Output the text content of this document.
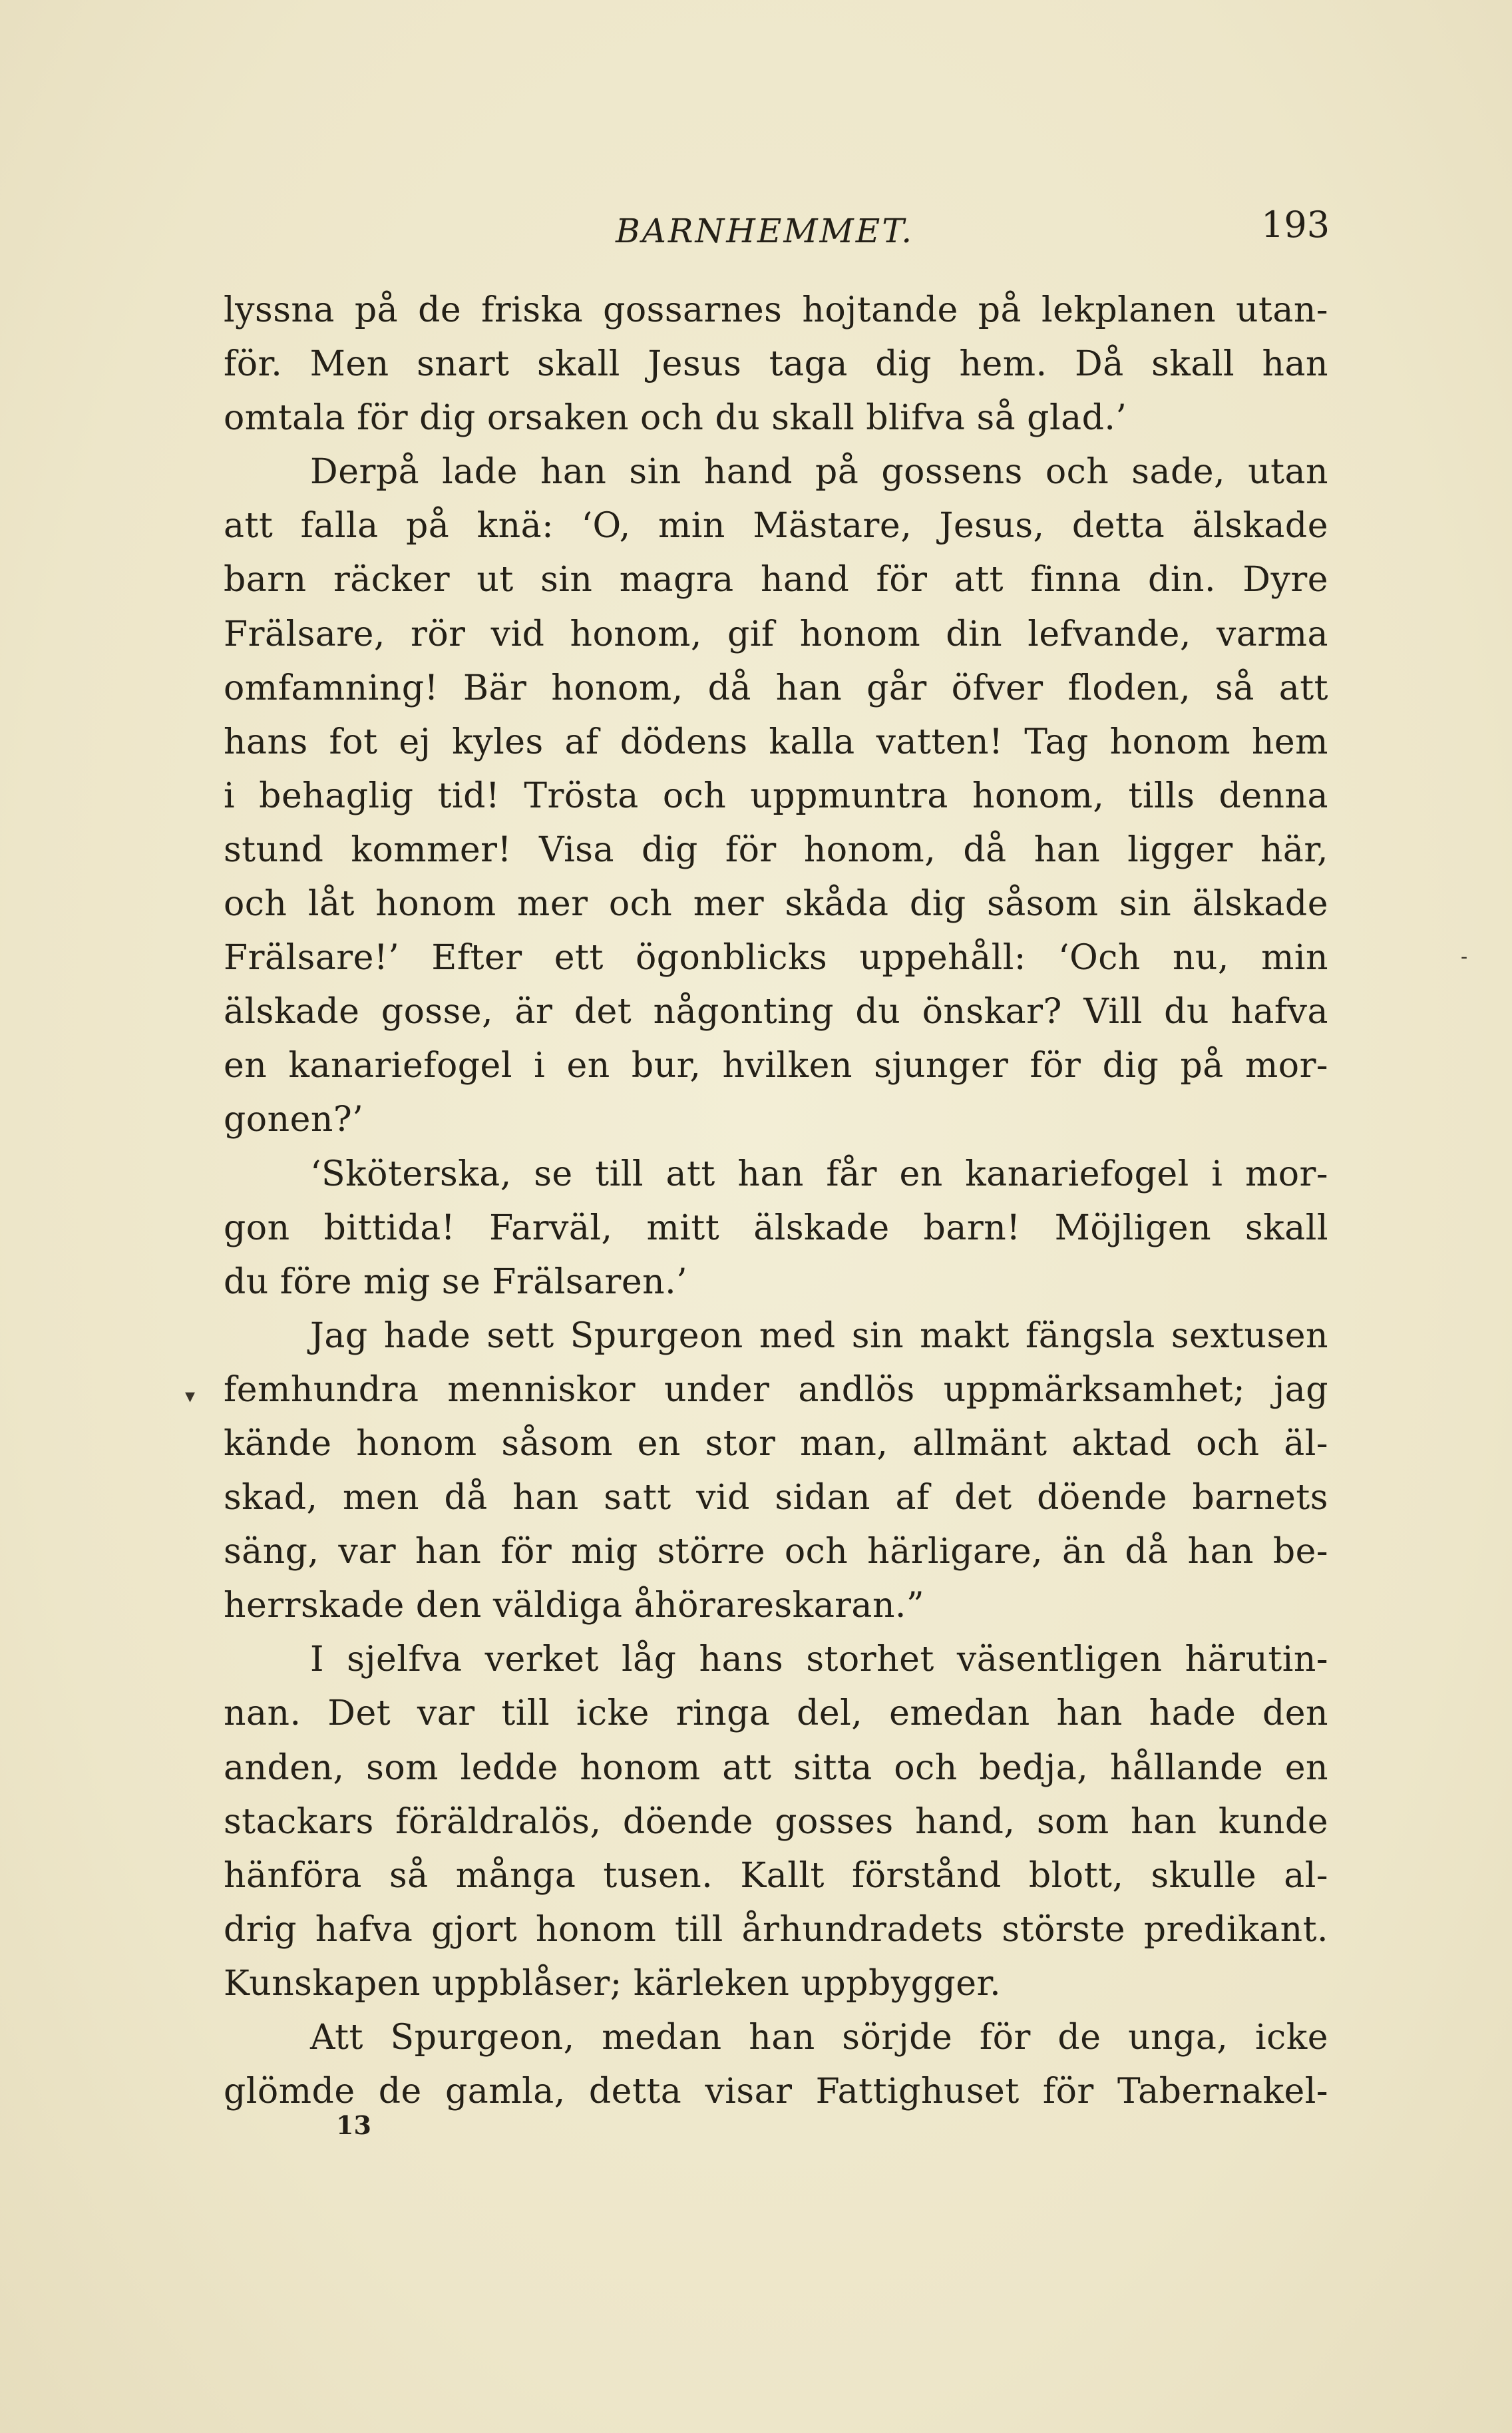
BARNHEMMET.	193
lyssna på de friska gossarnes hojtande på lekplanen utan-
för. Men snart skall Jesus taga dig hem. Då skall han
omtala för dig orsaken och du skall blifva så glad.’
Derpå lade han sin hand på gossens och sade, utan
att falla på knä: ‘O, min Mästare, Jesus, detta älskade
barn räcker ut sin magra hand för att finna din. Dyre
Frälsare, rör vid honom, gif honom din lefvande, varma
omfamning! Bär honom, då han går öfver floden, så att
hans fot ej kyles af dödens kalla vatten! Tag honom hem
i behaglig tid! Trösta och uppmuntra honom, tills denna
stund kommer! Visa dig för honom, då han ligger här,
och låt honom mer och mer skåda dig såsom sin älskade
Frälsare!’ Efter ett ögonblicks uppehåll: ‘Och nu, min
älskade gosse, är det någonting du önskar? Vill du hafva
en kanariefogel i en bur, hvilken sjunger för dig på mor-
gonen?’
‘Sköterska, se till att han får en kanariefogel i mor-
gon bittida! Farväl, mitt älskade barn! Möjligen skall
du före mig se Frälsaren.’
Jag hade sett Spurgeon med sin makt fängsla sextusen
femhundra menniskor under andlös uppmärksamhet; jag
kände honom såsom en stor man, allmänt aktad och äl-
skad, men då han satt vid sidan af det döende barnets
säng, var han för mig större och härligare, än då han be-
herrskade den väldiga åhörareskaran.”
I sjelfva verket låg hans storhet väsentligen härutin-
nan. Det var till icke ringa del, emedan han hade den
anden, som ledde honom att sitta och bedja, hållande en
stackars föräldralös, döende gosses hand, som han kunde
hänföra så många tusen. Kallt förstånd blott, skulle al-
drig hafva gjort honom till århundradets störste predikant.
Kunskapen uppblåser; kärleken uppbygger.
Att Spurgeon, medan han sörjde för de unga, icke
glömde de gamla, detta visar Fattighuset för Tabernakel-
13
-
▾
